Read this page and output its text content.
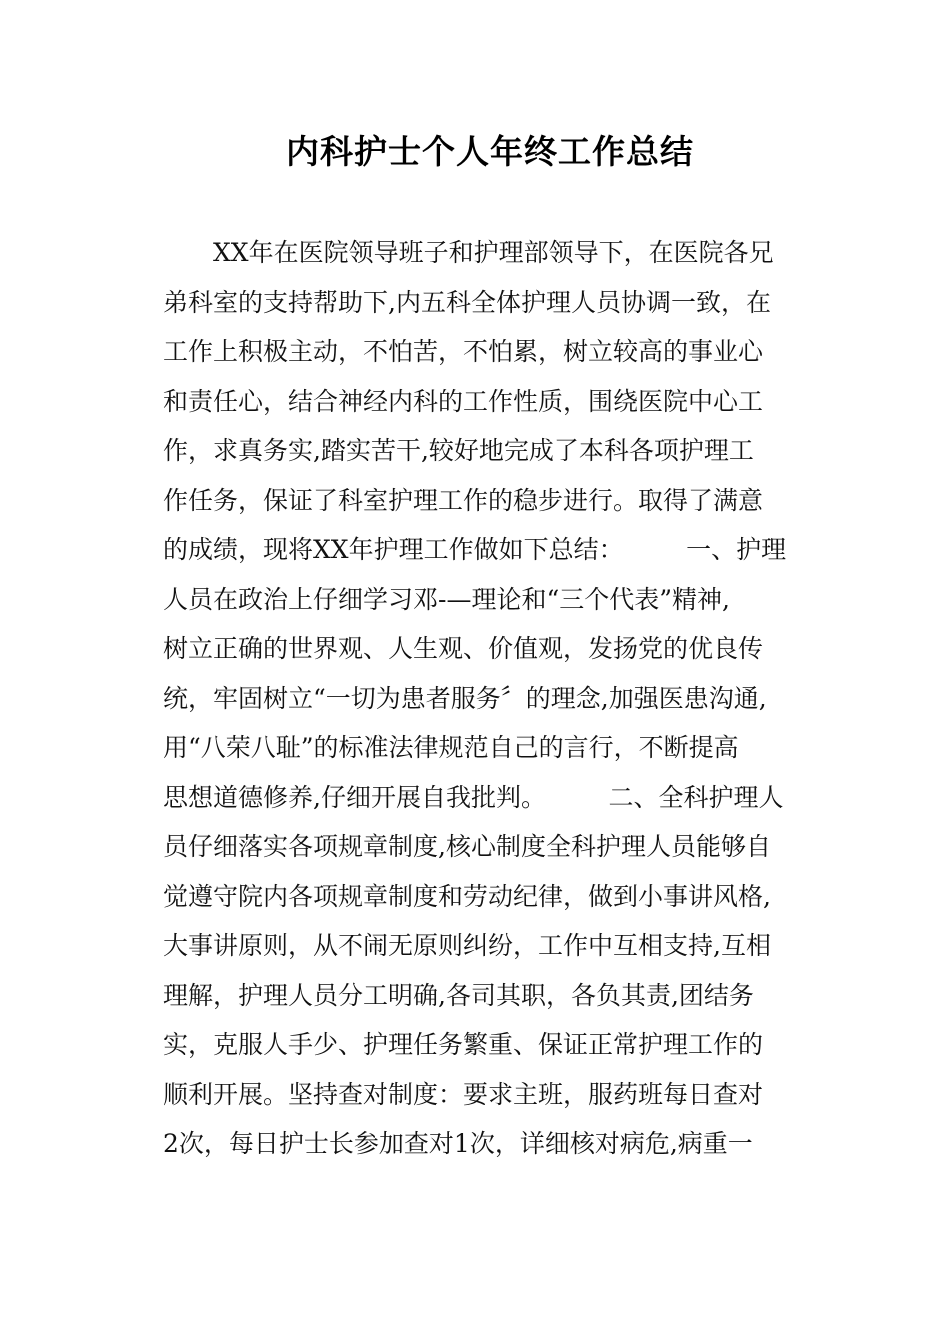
内科护士个人年终工作总结
　　XX年在医院领导班子和护理部领导下，在医院各兄
弟科室的支持帮助下,内五科全体护理人员协调一致，在
工作上积极主动，不怕苦，不怕累，树立较高的事业心
和责任心，结合神经内科的工作性质，围绕医院中心工
作，求真务实,踏实苦干,较好地完成了本科各项护理工
作任务，保证了科室护理工作的稳步进行。取得了满意
的成绩，现将XX年护理工作做如下总结：　　　一、护理
人员在政治上仔细学习邓-—理论和“三个代表”精神,
树立正确的世界观、人生观、价值观，发扬党的优良传
统，牢固树立“一切为患者服务〞的理念,加强医患沟通,
用“八荣八耻”的标准法律规范自己的言行，不断提高
思想道德修养,仔细开展自我批判。　　　二、全科护理人
员仔细落实各项规章制度,核心制度全科护理人员能够自
觉遵守院内各项规章制度和劳动纪律，做到小事讲风格,
大事讲原则，从不闹无原则纠纷，工作中互相支持,互相
理解，护理人员分工明确,各司其职，各负其责,团结务
实，克服人手少、护理任务繁重、保证正常护理工作的
顺利开展。坚持查对制度：要求主班，服药班每日查对
2次，每日护士长参加查对1次，详细核对病危,病重一
